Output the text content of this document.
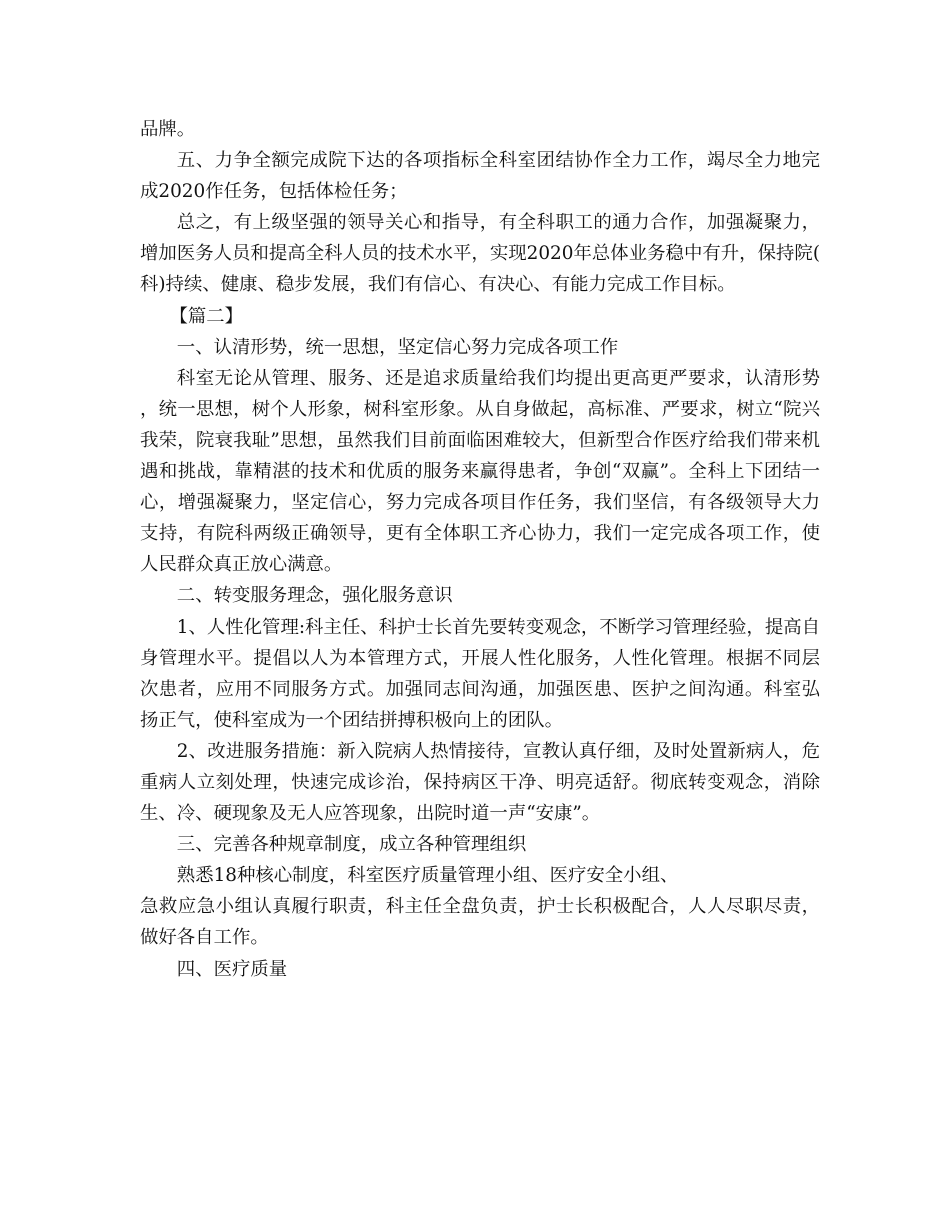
品牌。

五、力争全额完成院下达的各项指标全科室团结协作全力工作，竭尽全力地完成2020作任务，包括体检任务；

总之，有上级坚强的领导关心和指导，有全科职工的通力合作，加强凝聚力，增加医务人员和提高全科人员的技术水平，实现2020年总体业务稳中有升，保持院(科)持续、健康、稳步发展，我们有信心、有决心、有能力完成工作目标。

【篇二】

一、认清形势，统一思想，坚定信心努力完成各项工作

科室无论从管理、服务、还是追求质量给我们均提出更高更严要求，认清形势，统一思想，树个人形象，树科室形象。从自身做起，高标准、严要求，树立“院兴我荣，院衰我耻”思想，虽然我们目前面临困难较大，但新型合作医疗给我们带来机遇和挑战，靠精湛的技术和优质的服务来赢得患者，争创“双赢”。全科上下团结一心，增强凝聚力，坚定信心，努力完成各项目作任务，我们坚信，有各级领导大力支持，有院科两级正确领导，更有全体职工齐心协力，我们一定完成各项工作，使人民群众真正放心满意。

二、转变服务理念，强化服务意识

1、人性化管理:科主任、科护士长首先要转变观念，不断学习管理经验，提高自身管理水平。提倡以人为本管理方式，开展人性化服务，人性化管理。根据不同层次患者，应用不同服务方式。加强同志间沟通，加强医患、医护之间沟通。科室弘扬正气，使科室成为一个团结拼搏积极向上的团队。

2、改进服务措施：新入院病人热情接待，宣教认真仔细，及时处置新病人，危重病人立刻处理，快速完成诊治，保持病区干净、明亮适舒。彻底转变观念，消除生、冷、硬现象及无人应答现象，出院时道一声“安康”。

三、完善各种规章制度，成立各种管理组织

熟悉18种核心制度，科室医疗质量管理小组、医疗安全小组、

急救应急小组认真履行职责，科主任全盘负责，护士长积极配合，人人尽职尽责，做好各自工作。

四、医疗质量
